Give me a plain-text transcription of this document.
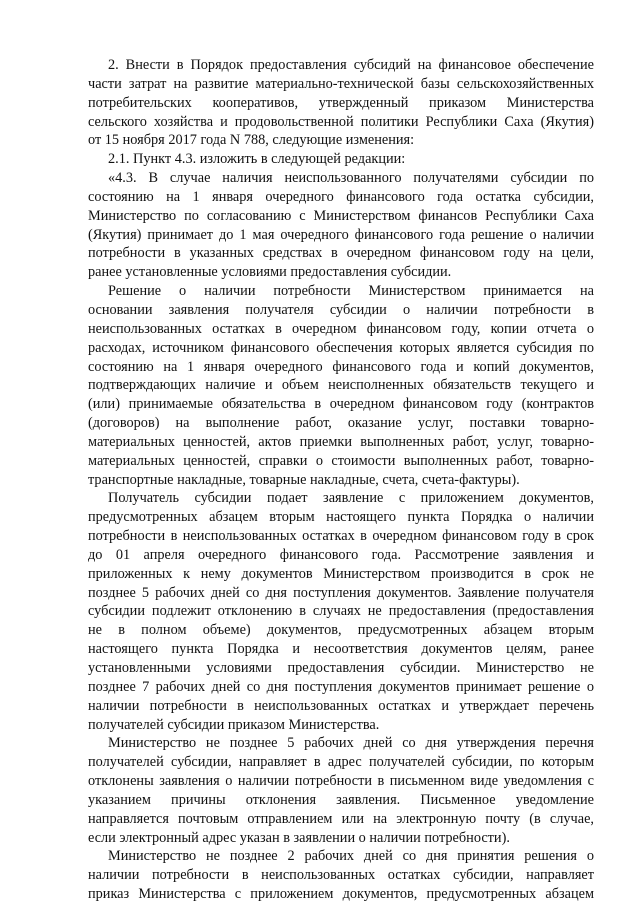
2. Внести в Порядок предоставления субсидий на финансовое обеспечение
части затрат на развитие материально-технической базы сельскохозяйственных
потребительских кооперативов, утвержденный приказом Министерства
сельского хозяйства и продовольственной политики Республики Саха (Якутия)
от 15 ноября 2017 года N 788, следующие изменения:
2.1. Пункт 4.3. изложить в следующей редакции:
«4.3. В случае наличия неиспользованного получателями субсидии по
состоянию на 1 января очередного финансового года остатка субсидии,
Министерство по согласованию с Министерством финансов Республики Саха
(Якутия) принимает до 1 мая очередного финансового года решение о наличии
потребности в указанных средствах в очередном финансовом году на цели,
ранее установленные условиями предоставления субсидии.
Решение о наличии потребности Министерством принимается на
основании заявления получателя субсидии о наличии потребности в
неиспользованных остатках в очередном финансовом году, копии отчета о
расходах, источником финансового обеспечения которых является субсидия по
состоянию на 1 января очередного финансового года и копий документов,
подтверждающих наличие и объем неисполненных обязательств текущего и
(или) принимаемые обязательства в очередном финансовом году (контрактов
(договоров) на выполнение работ, оказание услуг, поставки товарно-
материальных ценностей, актов приемки выполненных работ, услуг, товарно-
материальных ценностей, справки о стоимости выполненных работ, товарно-
транспортные накладные, товарные накладные, счета, счета-фактуры).
Получатель субсидии подает заявление с приложением документов,
предусмотренных абзацем вторым настоящего пункта Порядка о наличии
потребности в неиспользованных остатках в очередном финансовом году в срок
до 01 апреля очередного финансового года. Рассмотрение заявления и
приложенных к нему документов Министерством производится в срок не
позднее 5 рабочих дней со дня поступления документов. Заявление получателя
субсидии подлежит отклонению в случаях не предоставления (предоставления
не в полном объеме) документов, предусмотренных абзацем вторым
настоящего пункта Порядка и несоответствия документов целям, ранее
установленными условиями предоставления субсидии. Министерство не
позднее 7 рабочих дней со дня поступления документов принимает решение о
наличии потребности в неиспользованных остатках и утверждает перечень
получателей субсидии приказом Министерства.
Министерство не позднее 5 рабочих дней со дня утверждения перечня
получателей субсидии, направляет в адрес получателей субсидии, по которым
отклонены заявления о наличии потребности в письменном виде уведомления с
указанием причины отклонения заявления. Письменное уведомление
направляется почтовым отправлением или на электронную почту (в случае,
если электронный адрес указан в заявлении о наличии потребности).
Министерство не позднее 2 рабочих дней со дня принятия решения о
наличии потребности в неиспользованных остатках субсидии, направляет
приказ Министерства с приложением документов, предусмотренных абзацем
